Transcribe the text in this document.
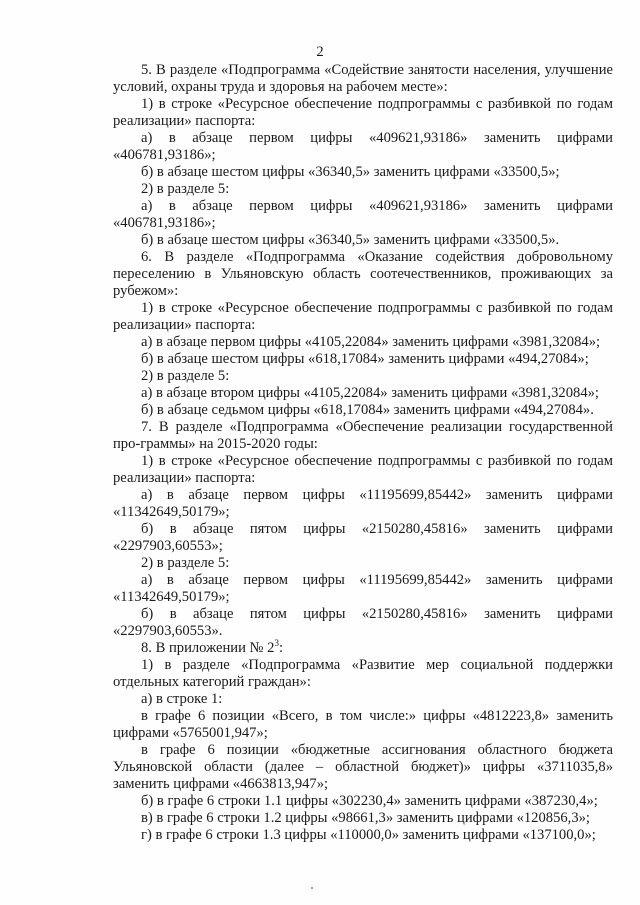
2

5. В разделе «Подпрограмма «Содействие занятости населения, улучшение условий, охраны труда и здоровья на рабочем месте»:

1) в строке «Ресурсное обеспечение подпрограммы с разбивкой по годам реализации» паспорта:

а) в абзаце первом цифры «409621,93186» заменить цифрами «406781,93186»;

б) в абзаце шестом цифры «36340,5» заменить цифрами «33500,5»;

2) в разделе 5:

а) в абзаце первом цифры «409621,93186» заменить цифрами «406781,93186»;

б) в абзаце шестом цифры «36340,5» заменить цифрами «33500,5».

6. В разделе «Подпрограмма «Оказание содействия добровольному переселению в Ульяновскую область соотечественников, проживающих за рубежом»:

1) в строке «Ресурсное обеспечение подпрограммы с разбивкой по годам реализации» паспорта:

а) в абзаце первом цифры «4105,22084» заменить цифрами «3981,32084»;

б) в абзаце шестом цифры «618,17084» заменить цифрами «494,27084»;

2) в разделе 5:

а) в абзаце втором цифры «4105,22084» заменить цифрами «3981,32084»;

б) в абзаце седьмом цифры «618,17084» заменить цифрами «494,27084».

7. В разделе «Подпрограмма «Обеспечение реализации государственной про-граммы» на 2015-2020 годы:

1) в строке «Ресурсное обеспечение подпрограммы с разбивкой по годам реализации» паспорта:

а) в абзаце первом цифры «11195699,85442» заменить цифрами «11342649,50179»;

б) в абзаце пятом цифры «2150280,45816» заменить цифрами «2297903,60553»;

2) в разделе 5:

а) в абзаце первом цифры «11195699,85442» заменить цифрами «11342649,50179»;

б) в абзаце пятом цифры «2150280,45816» заменить цифрами «2297903,60553».

8. В приложении № $2^3$:

1) в разделе «Подпрограмма «Развитие мер социальной поддержки отдельных категорий граждан»:

а) в строке 1:

в графе 6 позиции «Всего, в том числе:» цифры «4812223,8» заменить цифрами «5765001,947»;

в графе 6 позиции «бюджетные ассигнования областного бюджета Ульяновской области (далее – областной бюджет)» цифры «3711035,8» заменить цифрами «4663813,947»;

б) в графе 6 строки 1.1 цифры «302230,4» заменить цифрами «387230,4»;

в) в графе 6 строки 1.2 цифры «98661,3» заменить цифрами «120856,3»;

г) в графе 6 строки 1.3 цифры «110000,0» заменить цифрами «137100,0»;
